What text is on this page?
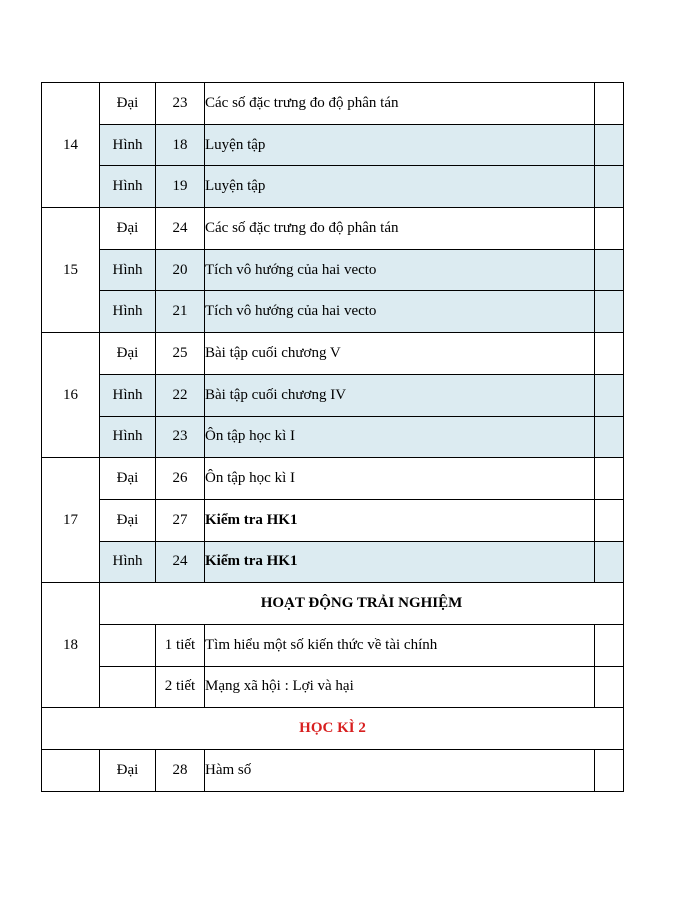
14	Đại	23	Các số đặc trưng đo độ phân tán	
	Hình	18	Luyện tập	
	Hình	19	Luyện tập	
15	Đại	24	Các số đặc trưng đo độ phân tán	
	Hình	20	Tích vô hướng của hai vecto	
	Hình	21	Tích vô hướng của hai vecto	
16	Đại	25	Bài tập cuối chương V	
	Hình	22	Bài tập cuối chương IV	
	Hình	23	Ôn tập học kì I	
17	Đại	26	Ôn tập học kì I	
	Đại	27	Kiểm tra HK1	
	Hình	24	Kiểm tra HK1	
18	HOẠT ĐỘNG TRẢI NGHIỆM			
		1 tiết	Tìm hiểu một số kiến thức về tài chính	
		2 tiết	Mạng xã hội : Lợi và hại	
HỌC KÌ 2				
	Đại	28	Hàm số	
